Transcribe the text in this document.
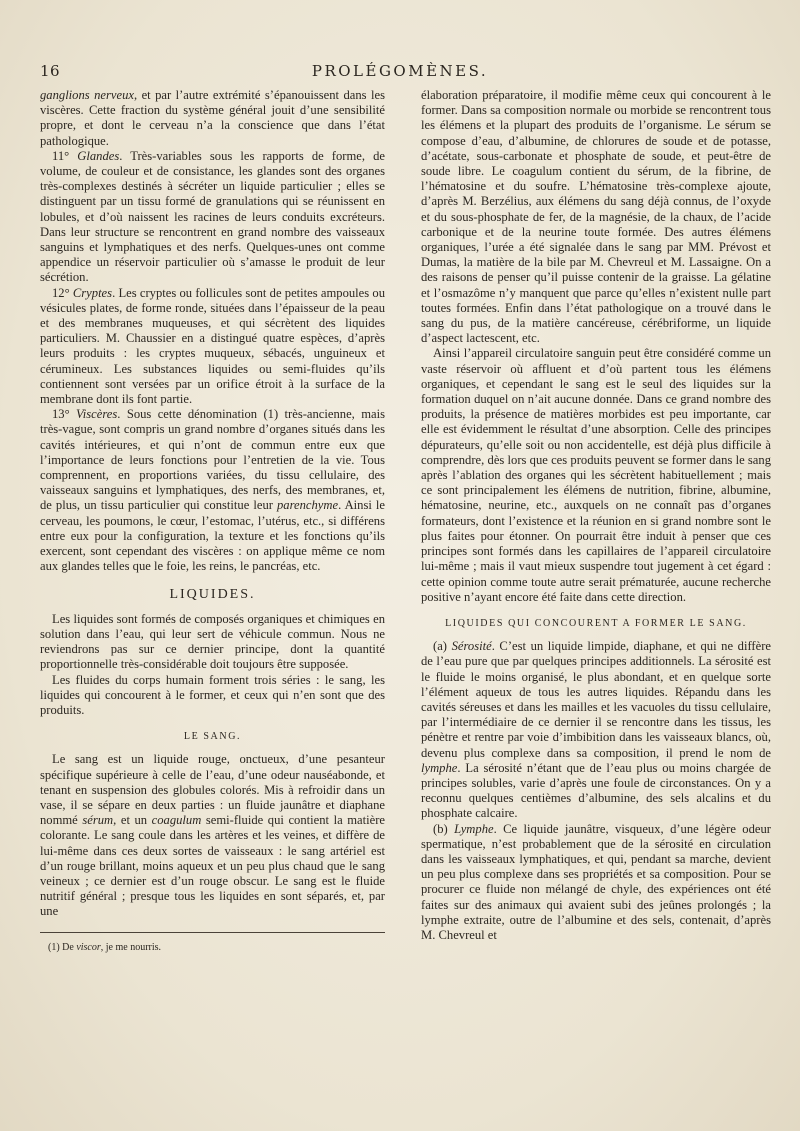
16	PROLÉGOMÈNES.

ganglions nerveux, et par l’autre extrémité s’épanouissent dans les viscères. Cette fraction du système général jouit d’une sensibilité propre, et dont le cerveau n’a la conscience que dans l’état pathologique.

11° Glandes. Très-variables sous les rapports de forme, de volume, de couleur et de consistance, les glandes sont des organes très-complexes destinés à sécréter un liquide particulier ; elles se distinguent par un tissu formé de granulations qui se réunissent en lobules, et d’où naissent les racines de leurs conduits excréteurs. Dans leur structure se rencontrent en grand nombre des vaisseaux sanguins et lymphatiques et des nerfs. Quelques-unes ont comme appendice un réservoir particulier où s’amasse le produit de leur sécrétion.

12° Cryptes. Les cryptes ou follicules sont de petites ampoules ou vésicules plates, de forme ronde, situées dans l’épaisseur de la peau et des membranes muqueuses, et qui sécrètent des liquides particuliers. M. Chaussier en a distingué quatre espèces, d’après leurs produits : les cryptes muqueux, sébacés, unguineux et cérumineux. Les substances liquides ou semi-fluides qu’ils contiennent sont versées par un orifice étroit à la surface de la membrane dont ils font partie.

13° Viscères. Sous cette dénomination (1) très-ancienne, mais très-vague, sont compris un grand nombre d’organes situés dans les cavités intérieures, et qui n’ont de commun entre eux que l’importance de leurs fonctions pour l’entretien de la vie. Tous comprennent, en proportions variées, du tissu cellulaire, des vaisseaux sanguins et lymphatiques, des nerfs, des membranes, et, de plus, un tissu particulier qui constitue leur parenchyme. Ainsi le cerveau, les poumons, le cœur, l’estomac, l’utérus, etc., si différens entre eux pour la configuration, la texture et les fonctions qu’ils exercent, sont cependant des viscères : on applique même ce nom aux glandes telles que le foie, les reins, le pancréas, etc.

LIQUIDES.

Les liquides sont formés de composés organiques et chimiques en solution dans l’eau, qui leur sert de véhicule commun. Nous ne reviendrons pas sur ce dernier principe, dont la quantité proportionnelle très-considérable doit toujours être supposée.

Les fluides du corps humain forment trois séries : le sang, les liquides qui concourent à le former, et ceux qui n’en sont que des produits.

LE SANG.

Le sang est un liquide rouge, onctueux, d’une pesanteur spécifique supérieure à celle de l’eau, d’une odeur nauséabonde, et tenant en suspension des globules colorés. Mis à refroidir dans un vase, il se sépare en deux parties : un fluide jaunâtre et diaphane nommé sérum, et un coagulum semi-fluide qui contient la matière colorante. Le sang coule dans les artères et les veines, et diffère de lui-même dans ces deux sortes de vaisseaux : le sang artériel est d’un rouge brillant, moins aqueux et un peu plus chaud que le sang veineux ; ce dernier est d’un rouge obscur. Le sang est le fluide nutritif général ; presque tous les liquides en sont séparés, et, par une

(1) De viscor, je me nourris.

élaboration préparatoire, il modifie même ceux qui concourent à le former. Dans sa composition normale ou morbide se rencontrent tous les élémens et la plupart des produits de l’organisme. Le sérum se compose d’eau, d’albumine, de chlorures de soude et de potasse, d’acétate, sous-carbonate et phosphate de soude, et peut-être de soude libre. Le coagulum contient du sérum, de la fibrine, de l’hématosine et du soufre. L’hématosine très-complexe ajoute, d’après M. Berzélius, aux élémens du sang déjà connus, de l’oxyde et du sous-phosphate de fer, de la magnésie, de la chaux, de l’acide carbonique et de la neurine toute formée. Des autres élémens organiques, l’urée a été signalée dans le sang par MM. Prévost et Dumas, la matière de la bile par M. Chevreul et M. Lassaigne. On a des raisons de penser qu’il puisse contenir de la graisse. La gélatine et l’osmazôme n’y manquent que parce qu’elles n’existent nulle part toutes formées. Enfin dans l’état pathologique on a trouvé dans le sang du pus, de la matière cancéreuse, cérébriforme, un liquide d’aspect lactescent, etc.

Ainsi l’appareil circulatoire sanguin peut être considéré comme un vaste réservoir où affluent et d’où partent tous les élémens organiques, et cependant le sang est le seul des liquides sur la formation duquel on n’ait aucune donnée. Dans ce grand nombre des produits, la présence de matières morbides est peu importante, car elle est évidemment le résultat d’une absorption. Celle des principes dépurateurs, qu’elle soit ou non accidentelle, est déjà plus difficile à comprendre, dès lors que ces produits peuvent se former dans le sang après l’ablation des organes qui les sécrètent habituellement ; mais ce sont principalement les élémens de nutrition, fibrine, albumine, hématosine, neurine, etc., auxquels on ne connaît pas d’organes formateurs, dont l’existence et la réunion en si grand nombre sont le plus faites pour étonner. On pourrait être induit à penser que ces principes sont formés dans les capillaires de l’appareil circulatoire lui-même ; mais il vaut mieux suspendre tout jugement à cet égard : cette opinion comme toute autre serait prématurée, aucune recherche positive n’ayant encore été faite dans cette direction.

LIQUIDES QUI CONCOURENT A FORMER LE SANG.

(a) Sérosité. C’est un liquide limpide, diaphane, et qui ne diffère de l’eau pure que par quelques principes additionnels. La sérosité est le fluide le moins organisé, le plus abondant, et en quelque sorte l’élément aqueux de tous les autres liquides. Répandu dans les cavités séreuses et dans les mailles et les vacuoles du tissu cellulaire, par l’intermédiaire de ce dernier il se rencontre dans les tissus, les pénètre et rentre par voie d’imbibition dans les vaisseaux blancs, où, devenu plus complexe dans sa composition, il prend le nom de lymphe. La sérosité n’étant que de l’eau plus ou moins chargée de principes solubles, varie d’après une foule de circonstances. On y a reconnu quelques centièmes d’albumine, des sels alcalins et du phosphate calcaire.

(b) Lymphe. Ce liquide jaunâtre, visqueux, d’une légère odeur spermatique, n’est probablement que de la sérosité en circulation dans les vaisseaux lymphatiques, et qui, pendant sa marche, devient un peu plus complexe dans ses propriétés et sa composition. Pour se procurer ce fluide non mélangé de chyle, des expériences ont été faites sur des animaux qui avaient subi des jeûnes prolongés ; la lymphe extraite, outre de l’albumine et des sels, contenait, d’après M. Chevreul et
